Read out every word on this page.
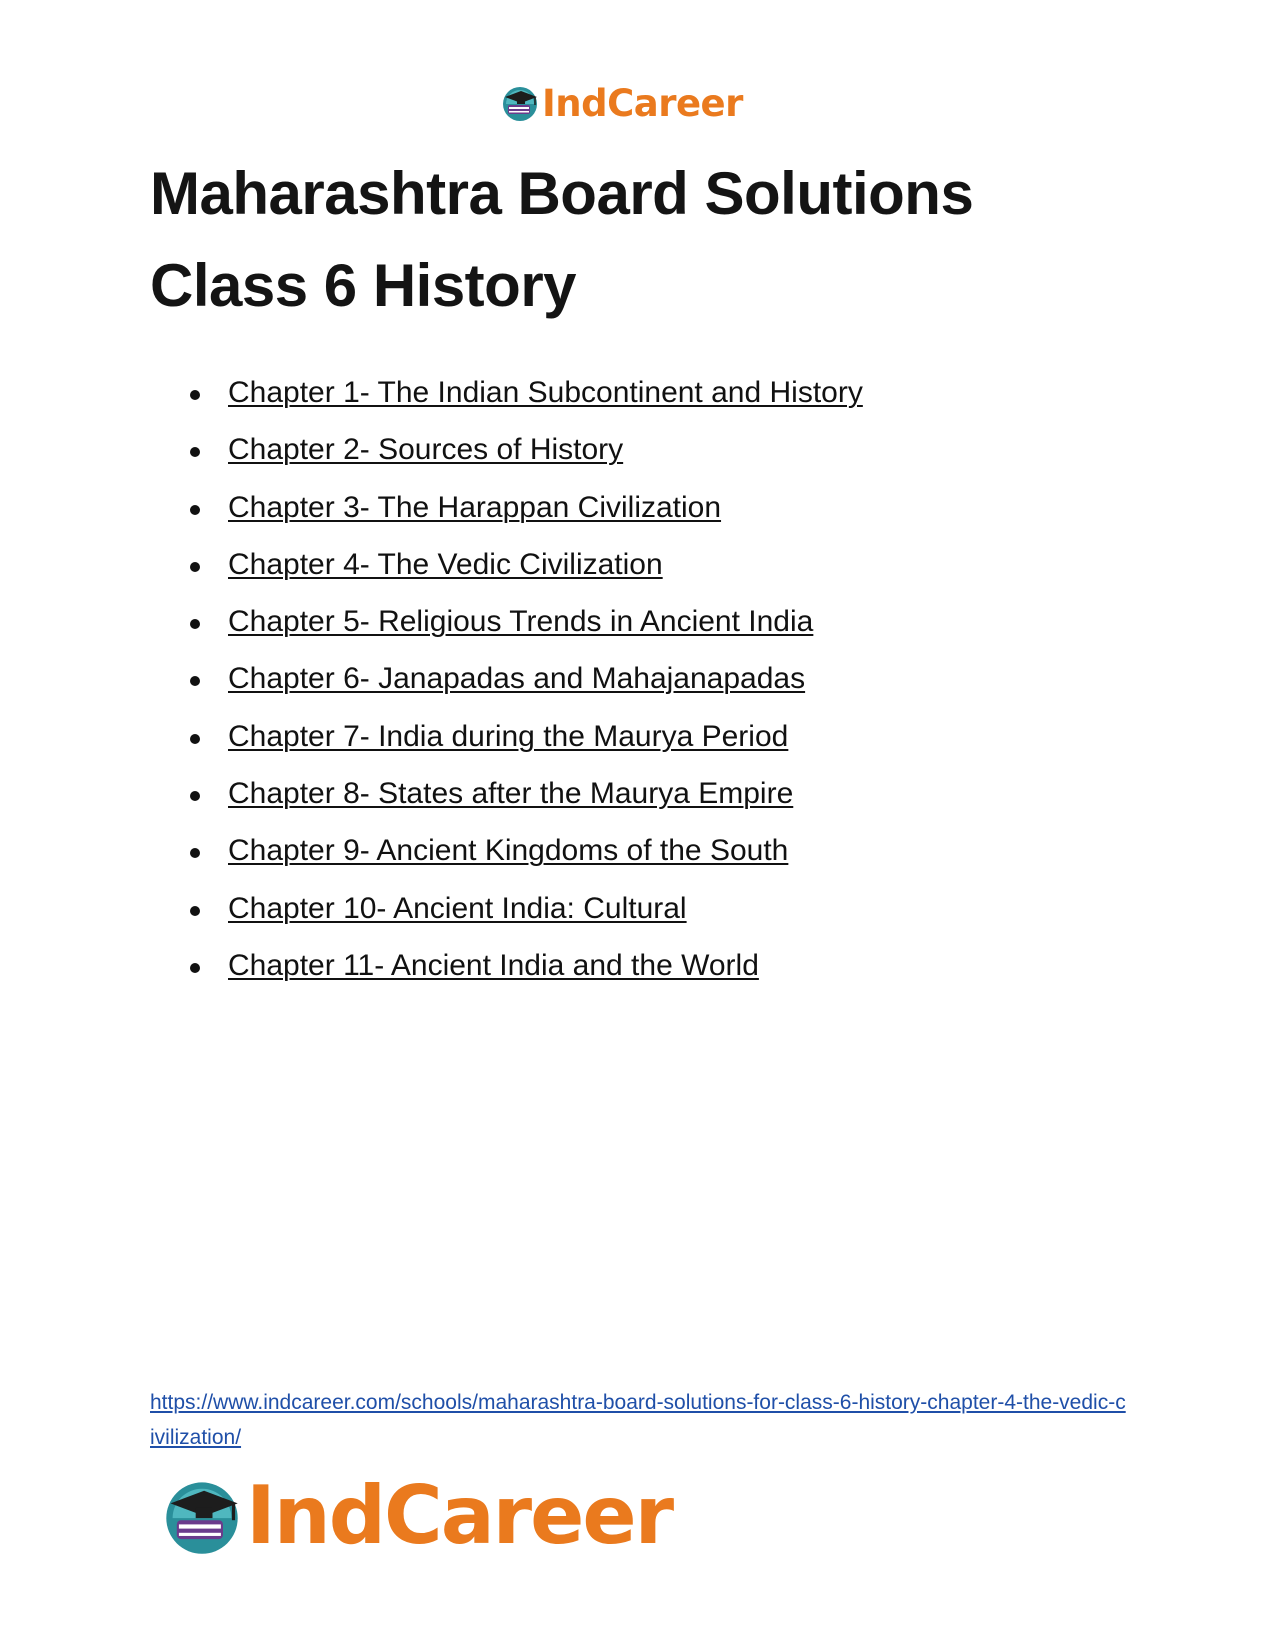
IndCareer
Maharashtra Board Solutions
Class 6 History
Chapter 1- The Indian Subcontinent and History
Chapter 2- Sources of History
Chapter 3- The Harappan Civilization
Chapter 4- The Vedic Civilization
Chapter 5- Religious Trends in Ancient India
Chapter 6- Janapadas and Mahajanapadas
Chapter 7- India during the Maurya Period
Chapter 8- States after the Maurya Empire
Chapter 9- Ancient Kingdoms of the South
Chapter 10- Ancient India: Cultural
Chapter 11- Ancient India and the World
https://www.indcareer.com/schools/maharashtra-board-solutions-for-class-6-history-chapter-4-the-vedic-civilization/
IndCareer
